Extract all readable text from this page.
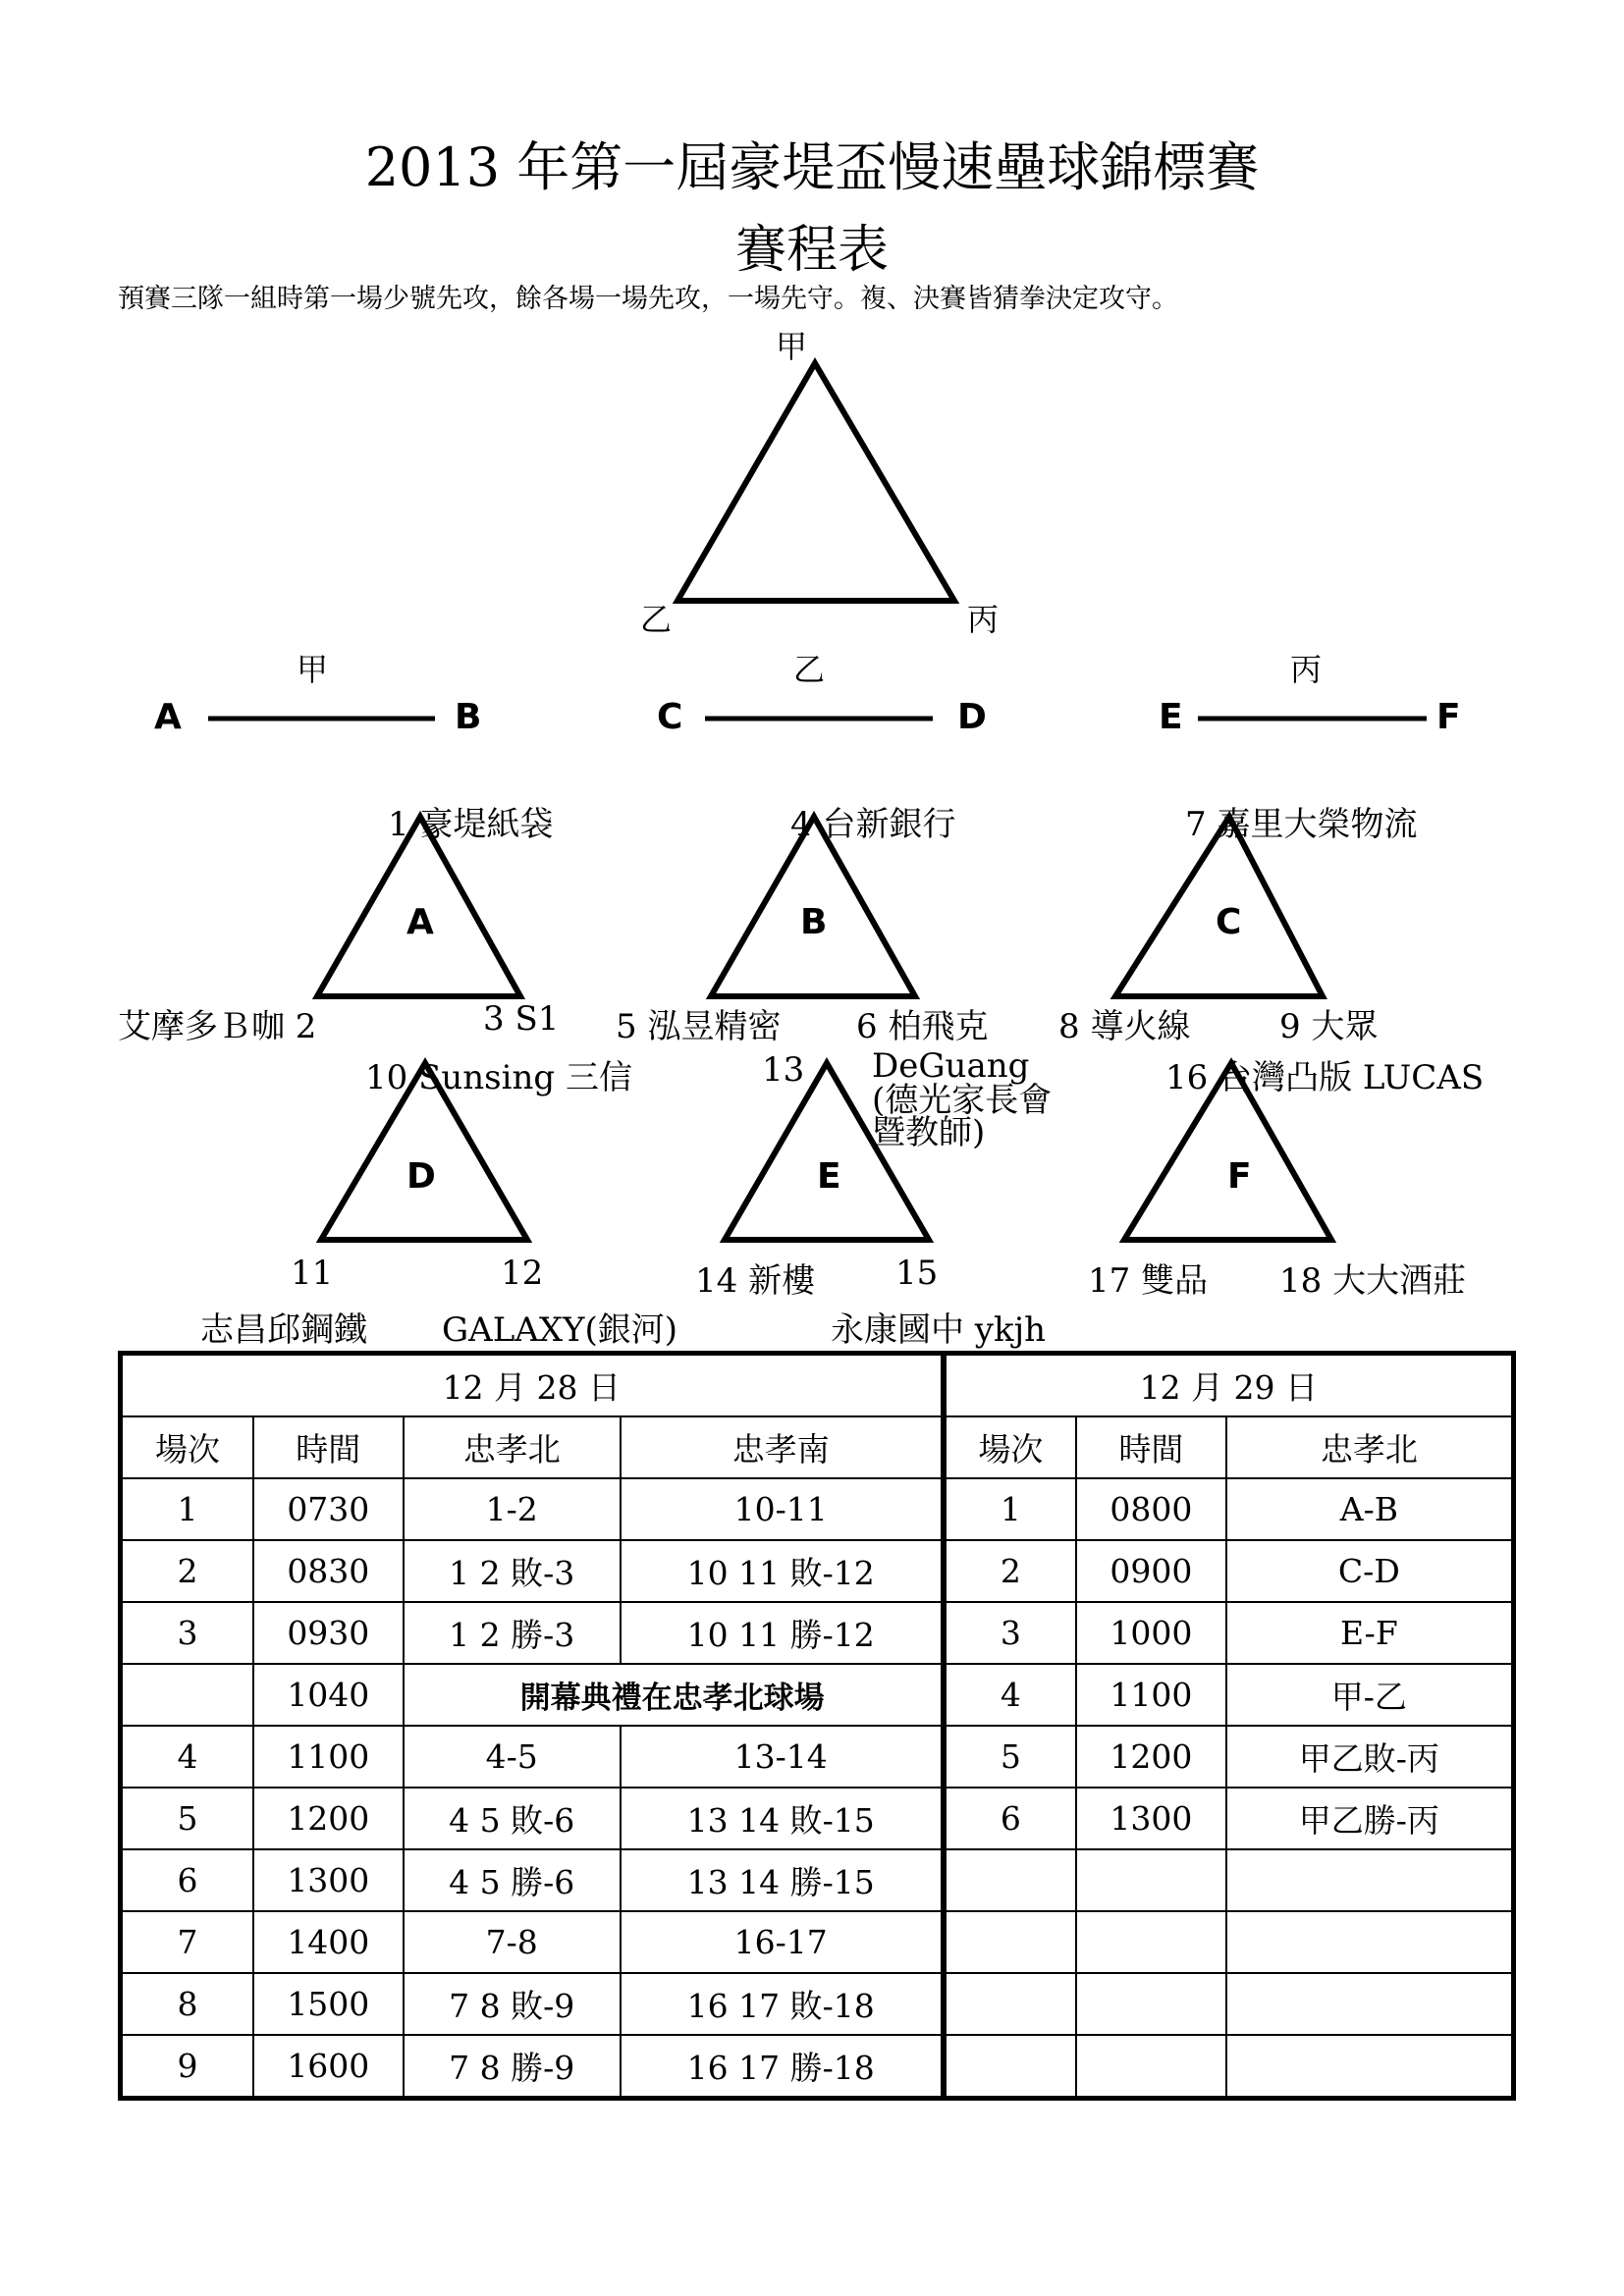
2013 年第一屆豪堤盃慢速壘球錦標賽
賽程表
預賽三隊一組時第一場少號先攻，餘各場一場先攻，一場先守。複、決賽皆猜拳決定攻守。
甲
乙	丙
甲	乙	丙
A	B	C	D	E	F
1 豪堤紙袋
A
艾摩多Ｂ咖 2	3 S1
4 台新銀行
B
5 泓昱精密 6 柏飛克
7 嘉里大榮物流
C
8 導火線	9 大眾
10 Sunsing 三信
D
11	12
13 DeGuang
(德光家長會
暨教師)
E
14 新樓 15
16 台灣凸版 LUCAS
F
17 雙品 18 大大酒莊
志昌邱鋼鐵 GALAXY(銀河)	永康國中 ykjh
12 月 28 日				12 月 29 日		
場次	時間	忠孝北	忠孝南	場次	時間	忠孝北
1	0730	1-2	10-11	1	0800	A-B
2	0830	1 2 敗-3	10 11 敗-12	2	0900	C-D
3	0930	1 2 勝-3	10 11 勝-12	3	1000	E-F
	1040	開幕典禮在忠孝北球場		4	1100	甲-乙
4	1100	4-5	13-14	5	1200	甲乙敗-丙
5	1200	4 5 敗-6	13 14 敗-15	6	1300	甲乙勝-丙
6	1300	4 5 勝-6	13 14 勝-15			
7	1400	7-8	16-17			
8	1500	7 8 敗-9	16 17 敗-18			
9	1600	7 8 勝-9	16 17 勝-18			
